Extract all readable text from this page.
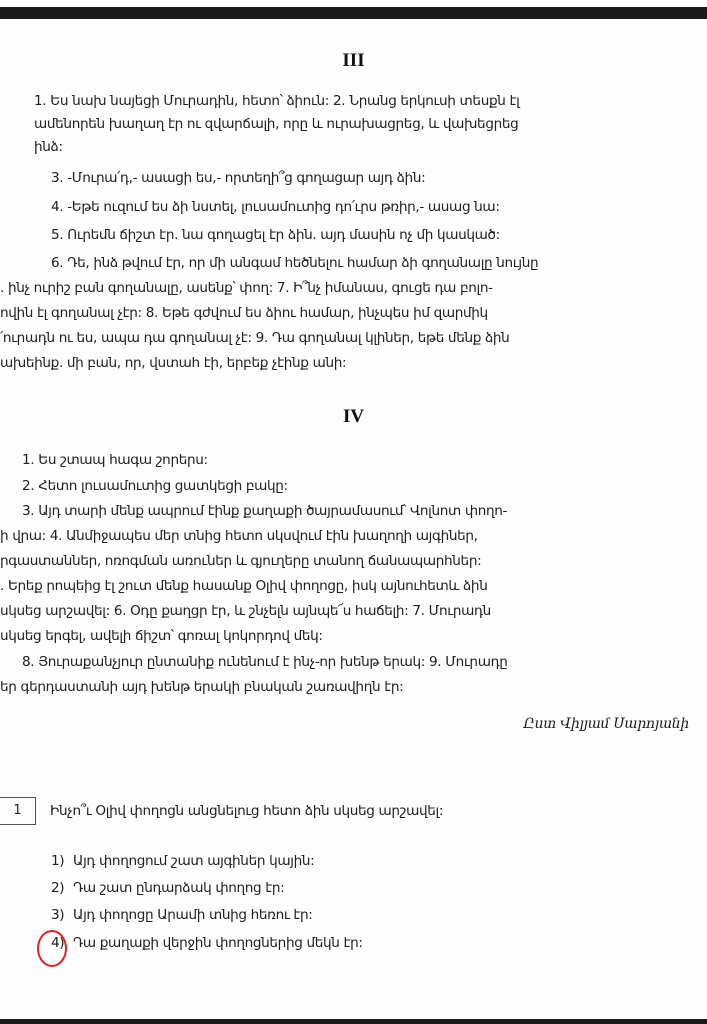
III
1. Ես նախ նայեցի Մուրադին, հետո՝ ձիուն: 2. Նրանց երկուսի տեսքն էլ
ամենորեն խաղաղ էր ու զվարճալի, որը և ուրախացրեց, և վախեցրեց
ինձ:
3. -Մուրա՛դ,- ասացի ես,- որտեղի՞ց գողացար այդ ձին:
4. -Եթե ուզում ես ձի նստել, լուսամուտից դո՛ւրս թռիր,- ասաց նա:
5. Ուրեմն ճիշտ էր. նա գողացել էր ձին. այդ մասին ոչ մի կասկած:
6. Դե, ինձ թվում էր, որ մի անգամ հեծնելու համար ձի գողանալը նույնը
. ինչ ուրիշ բան գողանալը, ասենք՝ փող: 7. Ի՞նչ իմանաս, գուցե դա բոլո-
ովին էլ գողանալ չէր: 8. Եթե գժվում ես ձիու համար, ինչպես իմ զարմիկ
՛ուրադն ու ես, ապա դա գողանալ չէ: 9. Դա գողանալ կլիներ, եթե մենք ձին
ախեինք. մի բան, որ, վստահ էի, երբեք չէինք անի:
IV
1. Ես շտապ հագա շորերս:
2. Հետո լուսամուտից ցատկեցի բակը:
3. Այդ տարի մենք ապրում էինք քաղաքի ծայրամասում՝ Վոլնոտ փողո-
ի վրա: 4. Անմիջապես մեր տնից հետո սկսվում էին խաղողի այգիներ,
րգաստաններ, ոռոգման առուներ և գյուղերը տանող ճանապարհներ:
. Երեք րոպեից էլ շուտ մենք հասանք Օլիվ փողոցը, իսկ այնուհետև ձին
սկսեց արշավել: 6. Օդը քաղցր էր, և շնչելն այնպե՜ս հաճելի: 7. Մուրադն
սկսեց երգել, ավելի ճիշտ՝ գոռալ կոկորդով մեկ:
8. Յուրաքանչյուր ընտանիք ունենում է ինչ-որ խենթ երակ: 9. Մուրադը
եր գերդաստանի այդ խենթ երակի բնական շառավիղն էր:
Ըստ Վիլյամ Սարոյանի
1	Ինչո՞ւ Օլիվ փողոցն անցնելուց հետո ձին սկսեց արշավել:
1) Այդ փողոցում շատ այգիներ կային:
2) Դա շատ ընդարձակ փողոց էր:
3) Այդ փողոցը Արամի տնից հեռու էր:
4) Դա քաղաքի վերջին փողոցներից մեկն էր:
